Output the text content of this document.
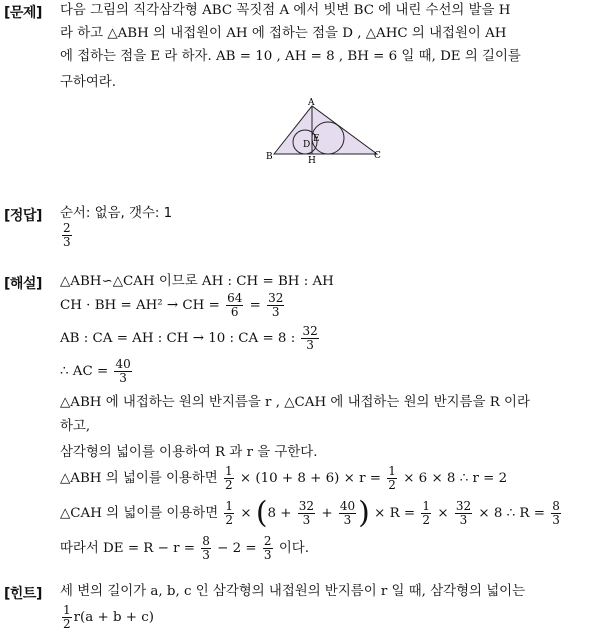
[문제] 다음 그림의 직각삼각형 ABC 꼭짓점 A 에서 빗변 BC 에 내린 수선의 발을 H
라 하고 △ABH 의 내접원이 AH 에 접하는 점을 D , △AHC 의 내접원이 AH
에 접하는 점을 E 라 하자. AB = 10 , AH = 8 , BH = 6 일 때, DE 의 길이를
구하여라.
A
B	C
H
D
E
[정답] 순서: 없음, 갯수: 1
$\frac{2}{3}$
[해설] △ABH∽△CAH 이므로 AH : CH = BH : AH
CH · BH = AH² → CH = $\frac{64}{6} = \frac{32}{3}$
AB : CA = AH : CH → 10 : CA = 8 : $\frac{32}{3}$
∴ AC = $\frac{40}{3}$
△ABH 에 내접하는 원의 반지름을 r , △CAH 에 내접하는 원의 반지름을 R 이라
하고,
삼각형의 넓이를 이용하여 R 과 r 을 구한다.
△ABH 의 넓이를 이용하면 $\frac{1}{2} \times (10 + 8 + 6) \times r = \frac{1}{2} \times 6 \times 8$ ∴ r = 2
△CAH 의 넓이를 이용하면 $\frac{1}{2} \times (8 + \frac{32}{3} + \frac{40}{3}$ ) × $R = \frac{1}{2} \times \frac{32}{3} \times 8$ ∴ $R = \frac{8}{3}$
따라서 DE = $R - r = \frac{8}{3} - 2 = \frac{2}{3}$ 이다.
[힌트] 세 변의 길이가 a, b, c 인 삼각형의 내접원의 반지름이 r 일 때, 삼각형의 넓이는
$\frac{1}{2} r(a + b + c)$
